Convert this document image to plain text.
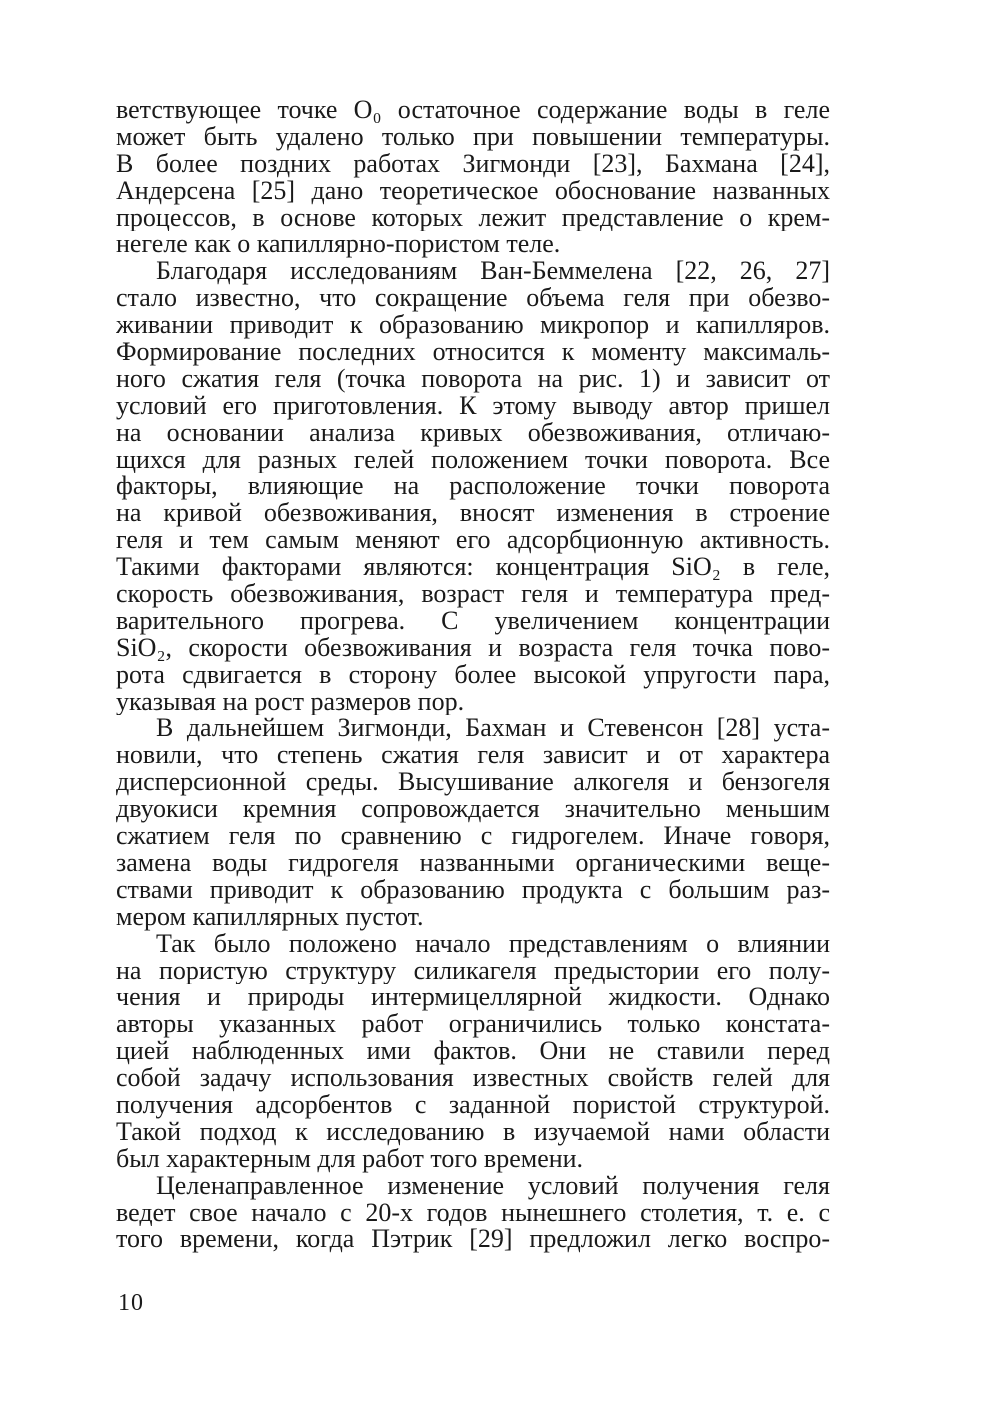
ветствующее точке O₀ остаточное содержание воды в геле
может быть удалено только при повышении температуры.
В более поздних работах Зигмонди [23], Бахмана [24],
Андерсена [25] дано теоретическое обоснование названных
процессов, в основе которых лежит представление о крем-
негеле как о капиллярно-пористом теле.
Благодаря исследованиям Ван-Беммелена [22, 26, 27]
стало известно, что сокращение объема геля при обезво-
живании приводит к образованию микропор и капилляров.
Формирование последних относится к моменту максималь-
ного сжатия геля (точка поворота на рис. 1) и зависит от
условий его приготовления. К этому выводу автор пришел
на основании анализа кривых обезвоживания, отличаю-
щихся для разных гелей положением точки поворота. Все
факторы, влияющие на расположение точки поворота
на кривой обезвоживания, вносят изменения в строение
геля и тем самым меняют его адсорбционную активность.
Такими факторами являются: концентрация SiO₂ в геле,
скорость обезвоживания, возраст геля и температура пред-
варительного прогрева. С увеличением концентрации
SiO₂, скорости обезвоживания и возраста геля точка пово-
рота сдвигается в сторону более высокой упругости пара,
указывая на рост размеров пор.
В дальнейшем Зигмонди, Бахман и Стевенсон [28] уста-
новили, что степень сжатия геля зависит и от характера
дисперсионной среды. Высушивание алкогеля и бензогеля
двуокиси кремния сопровождается значительно меньшим
сжатием геля по сравнению с гидрогелем. Иначе говоря,
замена воды гидрогеля названными органическими веще-
ствами приводит к образованию продукта с большим раз-
мером капиллярных пустот.
Так было положено начало представлениям о влиянии
на пористую структуру силикагеля предыстории его полу-
чения и природы интермицеллярной жидкости. Однако
авторы указанных работ ограничились только констата-
цией наблюденных ими фактов. Они не ставили перед
собой задачу использования известных свойств гелей для
получения адсорбентов с заданной пористой структурой.
Такой подход к исследованию в изучаемой нами области
был характерным для работ того времени.
Целенаправленное изменение условий получения геля
ведет свое начало с 20-х годов нынешнего столетия, т. е. с
того времени, когда Пэтрик [29] предложил легко воспро-
10
